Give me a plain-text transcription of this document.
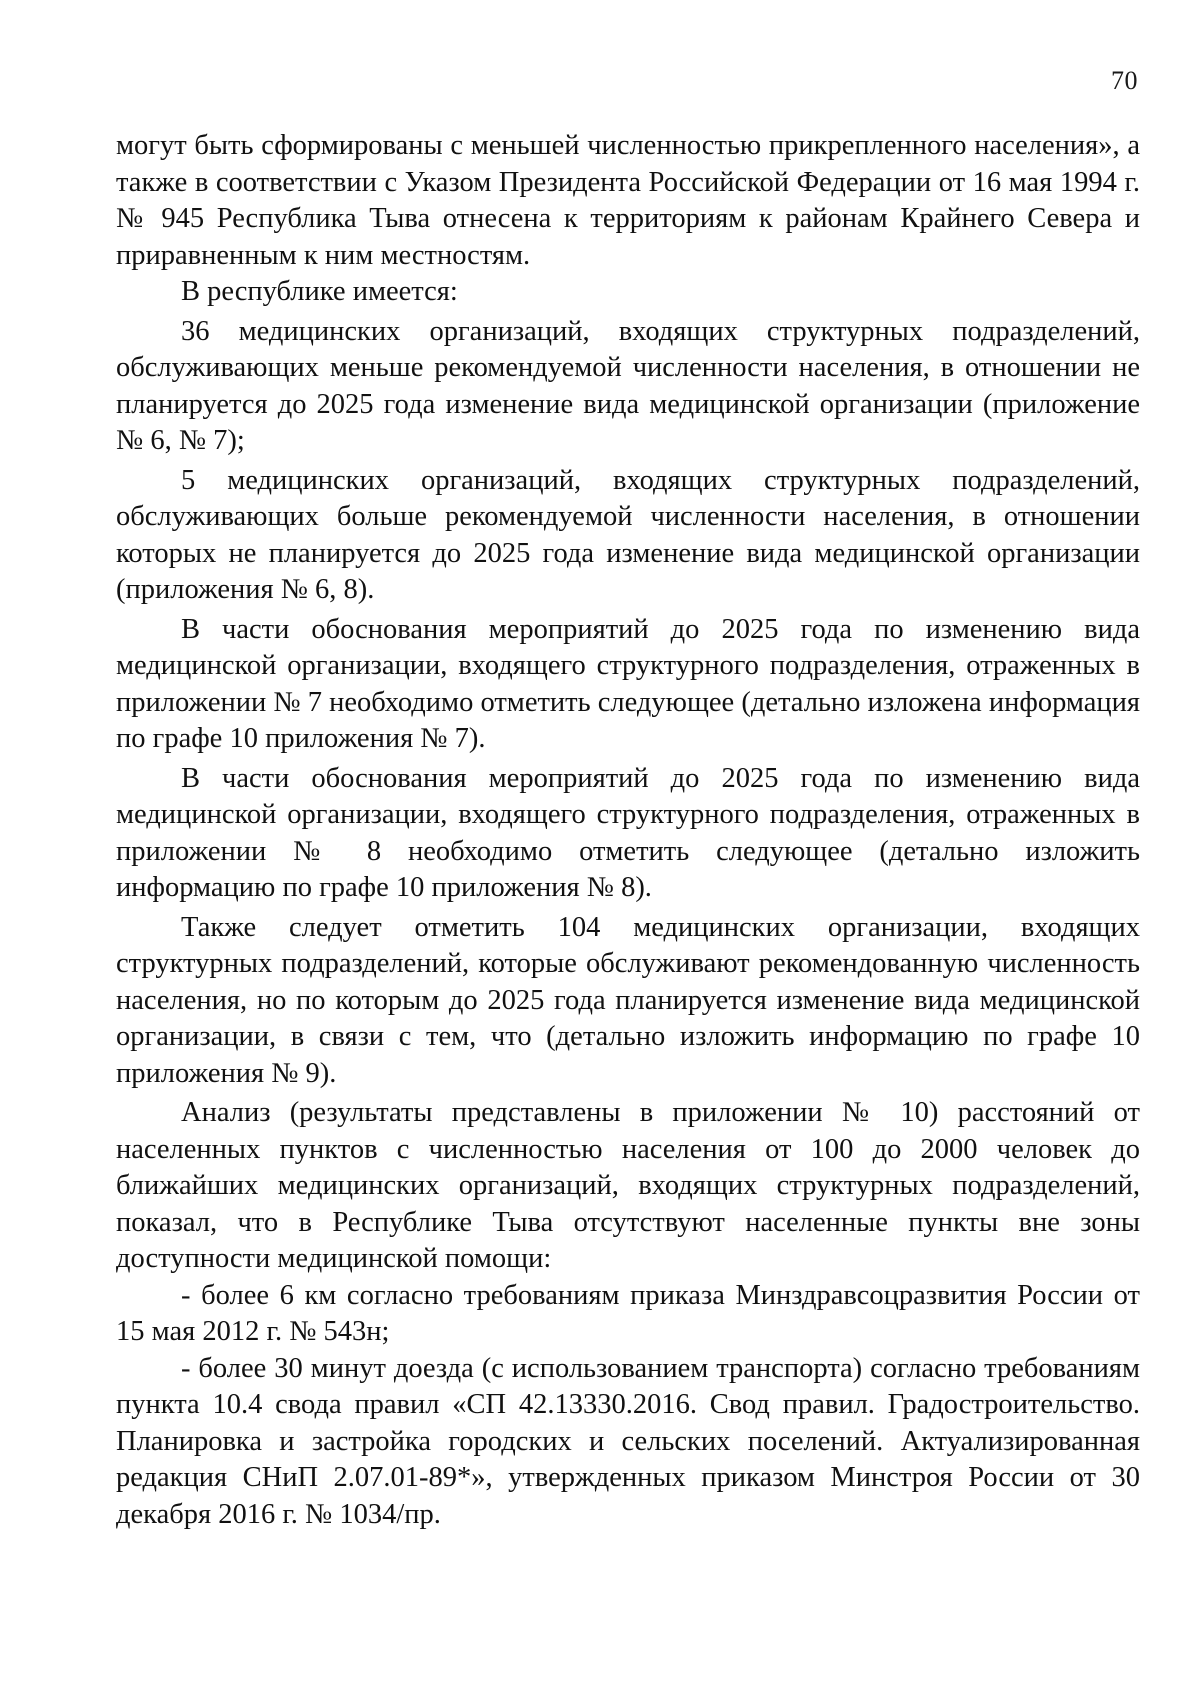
70

могут быть сформированы с меньшей численностью прикрепленного населения», а также в соответствии с Указом Президента Российской Федерации от 16 мая 1994 г. № 945 Республика Тыва отнесена к территориям к районам Крайнего Севера и приравненным к ним местностям.

В республике имеется:

36 медицинских организаций, входящих структурных подразделений, обслуживающих меньше рекомендуемой численности населения, в отношении не планируется до 2025 года изменение вида медицинской организации (приложение № 6, № 7);

5 медицинских организаций, входящих структурных подразделений, обслуживающих больше рекомендуемой численности населения, в отношении которых не планируется до 2025 года изменение вида медицинской организации (приложения № 6, 8).

В части обоснования мероприятий до 2025 года по изменению вида медицинской организации, входящего структурного подразделения, отраженных в приложении № 7 необходимо отметить следующее (детально изложена информация по графе 10 приложения № 7).

В части обоснования мероприятий до 2025 года по изменению вида медицинской организации, входящего структурного подразделения, отраженных в приложении № 8 необходимо отметить следующее (детально изложить информацию по графе 10 приложения № 8).

Также следует отметить 104 медицинских организации, входящих структурных подразделений, которые обслуживают рекомендованную численность населения, но по которым до 2025 года планируется изменение вида медицинской организации, в связи с тем, что (детально изложить информацию по графе 10 приложения № 9).

Анализ (результаты представлены в приложении № 10) расстояний от населенных пунктов с численностью населения от 100 до 2000 человек до ближайших медицинских организаций, входящих структурных подразделений, показал, что в Республике Тыва отсутствуют населенные пункты вне зоны доступности медицинской помощи:

- более 6 км согласно требованиям приказа Минздравсоцразвития России от 15 мая 2012 г. № 543н;

- более 30 минут доезда (с использованием транспорта) согласно требованиям пункта 10.4 свода правил «СП 42.13330.2016. Свод правил. Градостроительство. Планировка и застройка городских и сельских поселений. Актуализированная редакция СНиП 2.07.01-89*», утвержденных приказом Минстроя России от 30 декабря 2016 г. № 1034/пр.
